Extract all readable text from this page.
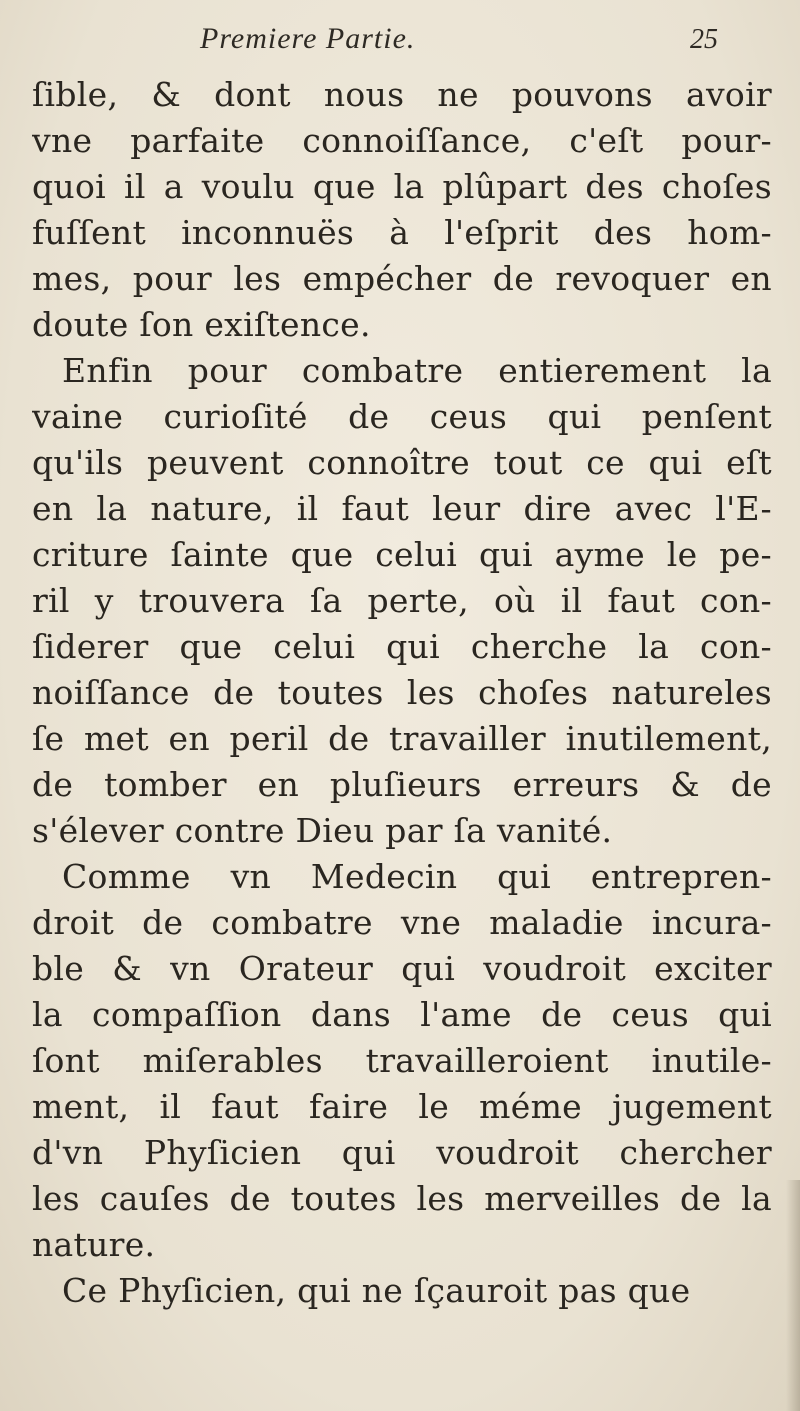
Premiere Partie.	25
ſible, & dont nous ne pouvons avoir
vne parfaite connoiſſance, c'eſt pour-
quoi il a voulu que la plûpart des choſes
fuſſent inconnuës à l'eſprit des hom-
mes, pour les empécher de revoquer en
doute ſon exiſtence.
Enfin pour combatre entierement la
vaine curioſité de ceus qui penſent
qu'ils peuvent connoître tout ce qui eſt
en la nature, il faut leur dire avec l'E-
criture ſainte que celui qui ayme le pe-
ril y trouvera ſa perte, où il faut con-
ſiderer que celui qui cherche la con-
noiſſance de toutes les choſes natureles
ſe met en peril de travailler inutilement,
de tomber en pluſieurs erreurs & de
s'élever contre Dieu par ſa vanité.
Comme vn Medecin qui entrepren-
droit de combatre vne maladie incura-
ble & vn Orateur qui voudroit exciter
la compaſſion dans l'ame de ceus qui
ſont miſerables travailleroient inutile-
ment, il faut faire le méme jugement
d'vn Phyſicien qui voudroit chercher
les cauſes de toutes les merveilles de la
nature.
Ce Phyſicien, qui ne ſçauroit pas que
